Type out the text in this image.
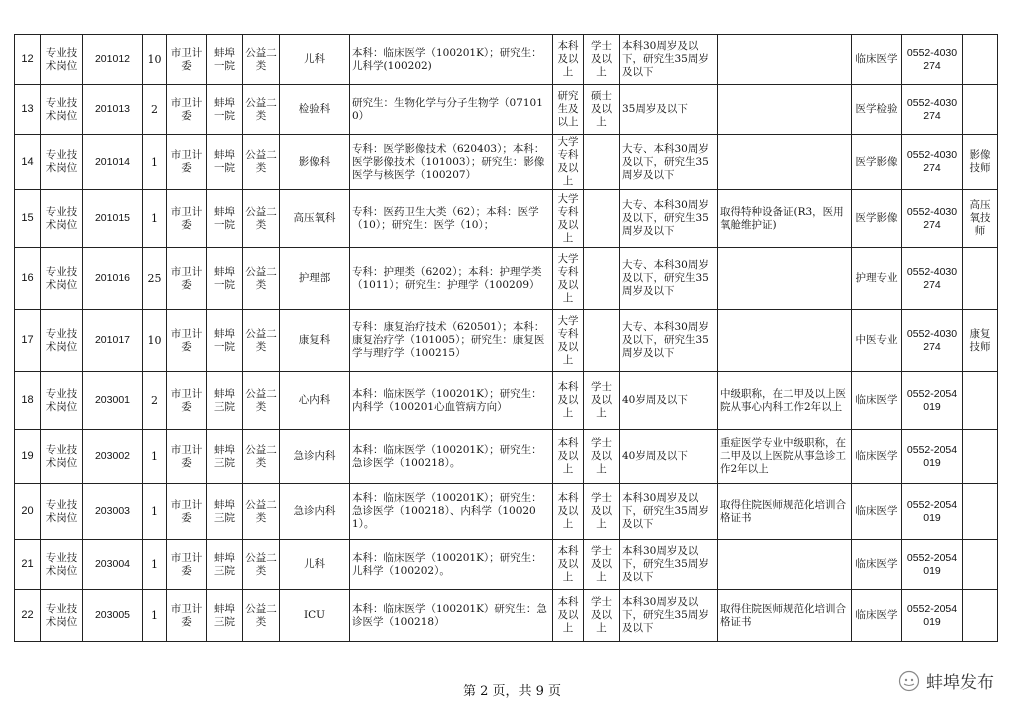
12	专业技术岗位	201012	10	市卫计委	蚌埠一院	公益二类	儿科	本科：临床医学（100201K）；研究生：儿科学(100202)	本科及以上	学士及以上	本科30周岁及以下，研究生35周岁及以下		临床医学	0552-4030274	
13	专业技术岗位	201013	2	市卫计委	蚌埠一院	公益二类	检验科	研究生：生物化学与分子生物学（071010）	研究生及以上	硕士及以上	35周岁及以下		医学检验	0552-4030274	
14	专业技术岗位	201014	1	市卫计委	蚌埠一院	公益二类	影像科	专科：医学影像技术（620403）；本科：医学影像技术（101003）；研究生：影像医学与核医学（100207）	大学专科及以上		大专、本科30周岁及以下，研究生35周岁及以下		医学影像	0552-4030274	影像技师
15	专业技术岗位	201015	1	市卫计委	蚌埠一院	公益二类	高压氧科	专科：医药卫生大类（62）；本科：医学（10）；研究生：医学（10）；	大学专科及以上		大专、本科30周岁及以下，研究生35周岁及以下	取得特种设备证(R3，医用氧舱维护证)	医学影像	0552-4030274	高压氧技师
16	专业技术岗位	201016	25	市卫计委	蚌埠一院	公益二类	护理部	专科：护理类（6202）；本科：护理学类（1011）；研究生：护理学（100209）	大学专科及以上		大专、本科30周岁及以下，研究生35周岁及以下		护理专业	0552-4030274	
17	专业技术岗位	201017	10	市卫计委	蚌埠一院	公益二类	康复科	专科：康复治疗技术（620501）；本科：康复治疗学（101005）；研究生：康复医学与理疗学（100215）	大学专科及以上		大专、本科30周岁及以下，研究生35周岁及以下		中医专业	0552-4030274	康复技师
18	专业技术岗位	203001	2	市卫计委	蚌埠三院	公益二类	心内科	本科：临床医学（100201K）；研究生：内科学（100201心血管病方向）	本科及以上	学士及以上	40岁周及以下	中级职称，在二甲及以上医院从事心内科工作2年以上	临床医学	0552-2054019	
19	专业技术岗位	203002	1	市卫计委	蚌埠三院	公益二类	急诊内科	本科：临床医学（100201K）；研究生：急诊医学（100218）。	本科及以上	学士及以上	40岁周及以下	重症医学专业中级职称，在二甲及以上医院从事急诊工作2年以上	临床医学	0552-2054019	
20	专业技术岗位	203003	1	市卫计委	蚌埠三院	公益二类	急诊内科	本科：临床医学（100201K）；研究生：急诊医学（100218）、内科学（100201）。	本科及以上	学士及以上	本科30周岁及以下，研究生35周岁及以下	取得住院医师规范化培训合格证书	临床医学	0552-2054019	
21	专业技术岗位	203004	1	市卫计委	蚌埠三院	公益二类	儿科	本科：临床医学（100201K）；研究生：儿科学（100202）。	本科及以上	学士及以上	本科30周岁及以下，研究生35周岁及以下		临床医学	0552-2054019	
22	专业技术岗位	203005	1	市卫计委	蚌埠三院	公益二类	ICU	本科：临床医学（100201K）研究生：急诊医学（100218）	本科及以上	学士及以上	本科30周岁及以下，研究生35周岁及以下	取得住院医师规范化培训合格证书	临床医学	0552-2054019	
第 2 页，共 9 页	蚌埠发布
